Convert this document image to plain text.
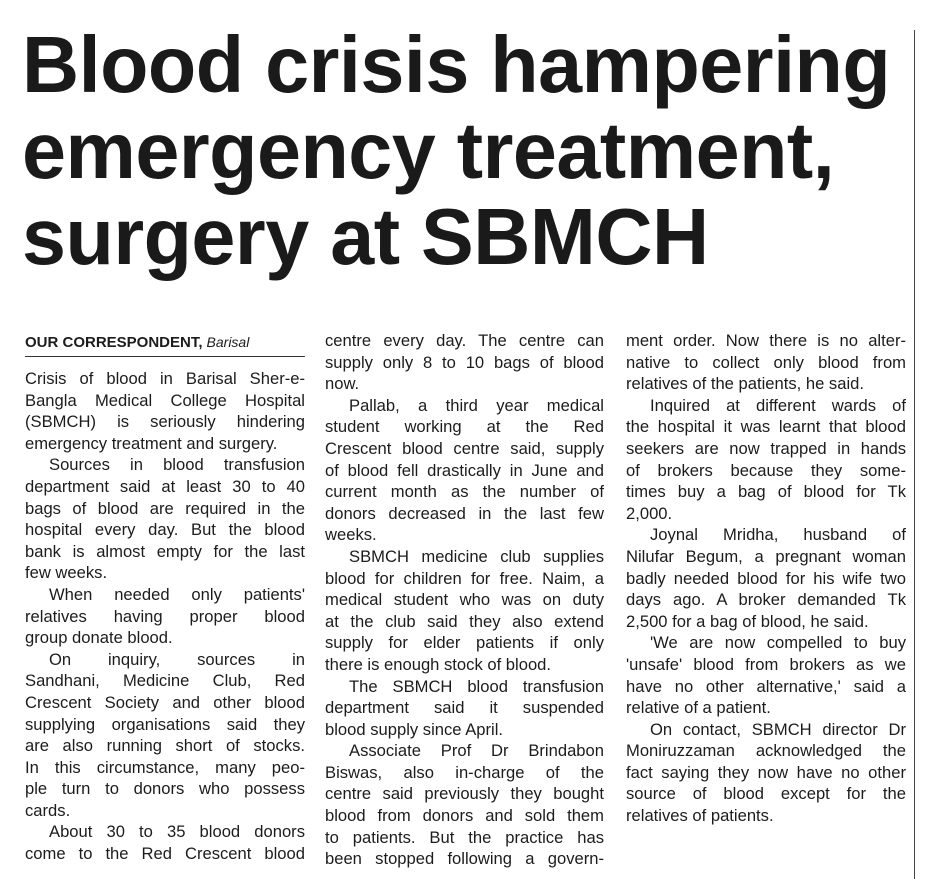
Blood crisis hampering
emergency treatment,
surgery at SBMCH
OUR CORRESPONDENT, Barisal
Crisis of blood in Barisal Sher-e-
Bangla Medical College Hospital
(SBMCH) is seriously hindering
emergency treatment and surgery.
Sources in blood transfusion
department said at least 30 to 40
bags of blood are required in the
hospital every day. But the blood
bank is almost empty for the last
few weeks.
When needed only patients'
relatives having proper blood
group donate blood.
On inquiry, sources in
Sandhani, Medicine Club, Red
Crescent Society and other blood
supplying organisations said they
are also running short of stocks.
In this circumstance, many peo-
ple turn to donors who possess
cards.
About 30 to 35 blood donors
come to the Red Crescent blood
centre every day. The centre can
supply only 8 to 10 bags of blood
now.
Pallab, a third year medical
student working at the Red
Crescent blood centre said, supply
of blood fell drastically in June and
current month as the number of
donors decreased in the last few
weeks.
SBMCH medicine club supplies
blood for children for free. Naim, a
medical student who was on duty
at the club said they also extend
supply for elder patients if only
there is enough stock of blood.
The SBMCH blood transfusion
department said it suspended
blood supply since April.
Associate Prof Dr Brindabon
Biswas, also in-charge of the
centre said previously they bought
blood from donors and sold them
to patients. But the practice has
been stopped following a govern-
ment order. Now there is no alter-
native to collect only blood from
relatives of the patients, he said.
Inquired at different wards of
the hospital it was learnt that blood
seekers are now trapped in hands
of brokers because they some-
times buy a bag of blood for Tk
2,000.
Joynal Mridha, husband of
Nilufar Begum, a pregnant woman
badly needed blood for his wife two
days ago. A broker demanded Tk
2,500 for a bag of blood, he said.
'We are now compelled to buy
'unsafe' blood from brokers as we
have no other alternative,' said a
relative of a patient.
On contact, SBMCH director Dr
Moniruzzaman acknowledged the
fact saying they now have no other
source of blood except for the
relatives of patients.
